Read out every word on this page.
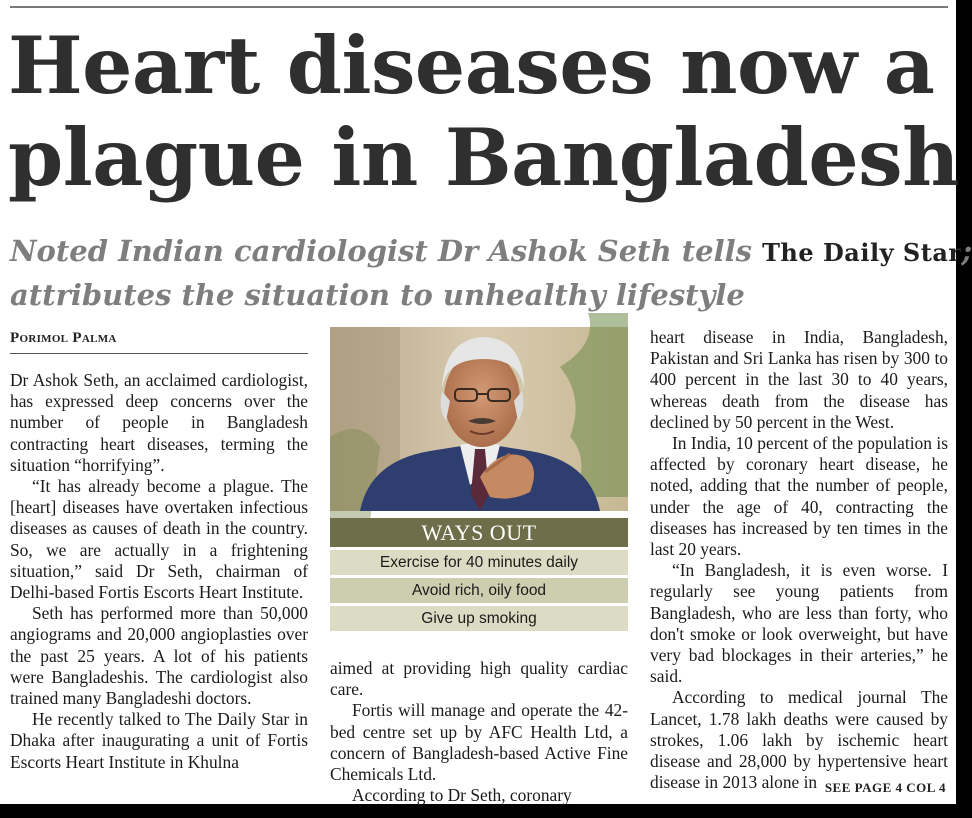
Heart diseases now a
plague in Bangladesh
Noted Indian cardiologist Dr Ashok Seth tells The Daily Star;
attributes the situation to unhealthy lifestyle
Porimol Palma

Dr Ashok Seth, an acclaimed cardiologist, has expressed deep concerns over the number of people in Bangladesh contracting heart diseases, terming the situation “horrifying”.

“It has already become a plague. The [heart] diseases have overtaken infectious diseases as causes of death in the country. So, we are actually in a frightening situation,” said Dr Seth, chairman of Delhi-based Fortis Escorts Heart Institute.

Seth has performed more than 50,000 angiograms and 20,000 angioplasties over the past 25 years. A lot of his patients were Bangladeshis. The cardiologist also trained many Bangladeshi doctors.

He recently talked to The Daily Star in Dhaka after inaugurating a unit of Fortis Escorts Heart Institute in Khulna

WAYS OUT
Exercise for 40 minutes daily
Avoid rich, oily food
Give up smoking

aimed at providing high quality cardiac care.

Fortis will manage and operate the 42-bed centre set up by AFC Health Ltd, a concern of Bangladesh-based Active Fine Chemicals Ltd.

According to Dr Seth, coronary

heart disease in India, Bangladesh, Pakistan and Sri Lanka has risen by 300 to 400 percent in the last 30 to 40 years, whereas death from the disease has declined by 50 percent in the West.

In India, 10 percent of the population is affected by coronary heart disease, he noted, adding that the number of people, under the age of 40, contracting the diseases has increased by ten times in the last 20 years.

“In Bangladesh, it is even worse. I regularly see young patients from Bangladesh, who are less than forty, who don't smoke or look overweight, but have very bad blockages in their arteries,” he said.

According to medical journal The Lancet, 1.78 lakh deaths were caused by strokes, 1.06 lakh by ischemic heart disease and 28,000 by hypertensive heart disease in 2013 alone in SEE PAGE 4 COL 4
